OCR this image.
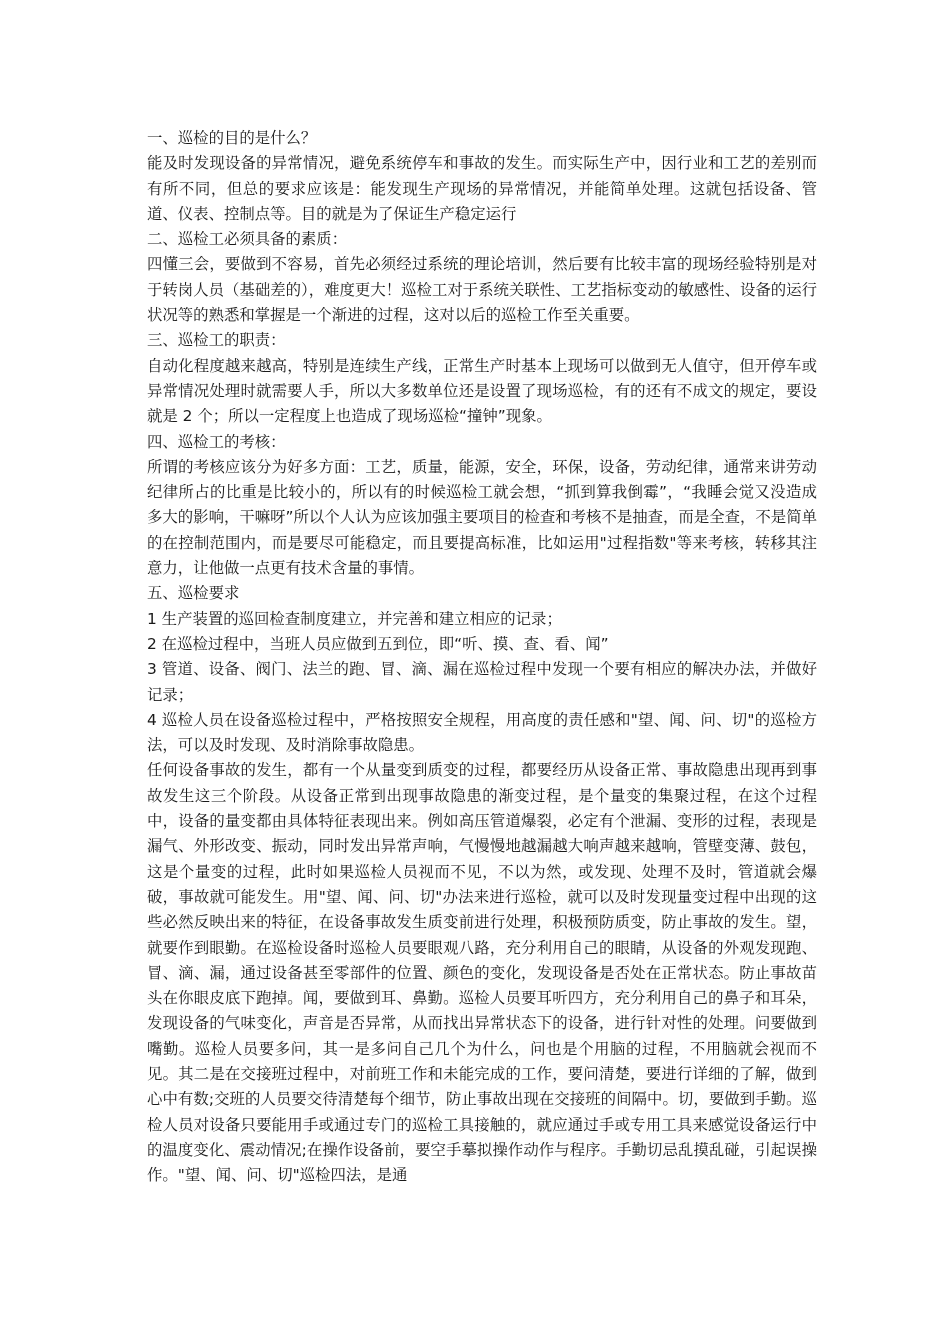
一、巡检的目的是什么？

能及时发现设备的异常情况，避免系统停车和事故的发生。而实际生产中，因行业和工艺的差别而有所不同，但总的要求应该是：能发现生产现场的异常情况，并能简单处理。这就包括设备、管道、仪表、控制点等。目的就是为了保证生产稳定运行

二、巡检工必须具备的素质：

四懂三会，要做到不容易，首先必须经过系统的理论培训，然后要有比较丰富的现场经验特别是对于转岗人员（基础差的），难度更大！巡检工对于系统关联性、工艺指标变动的敏感性、设备的运行状况等的熟悉和掌握是一个渐进的过程，这对以后的巡检工作至关重要。

三、巡检工的职责：

自动化程度越来越高，特别是连续生产线，正常生产时基本上现场可以做到无人值守，但开停车或异常情况处理时就需要人手，所以大多数单位还是设置了现场巡检，有的还有不成文的规定，要设就是 2 个；所以一定程度上也造成了现场巡检“撞钟”现象。

四、巡检工的考核：

所谓的考核应该分为好多方面：工艺，质量，能源，安全，环保，设备，劳动纪律，通常来讲劳动纪律所占的比重是比较小的，所以有的时候巡检工就会想，“抓到算我倒霉”，“我睡会觉又没造成多大的影响，干嘛呀”所以个人认为应该加强主要项目的检查和考核不是抽查，而是全查，不是简单的在控制范围内，而是要尽可能稳定，而且要提高标准，比如运用"过程指数"等来考核，转移其注意力，让他做一点更有技术含量的事情。

五、巡检要求

1 生产装置的巡回检查制度建立，并完善和建立相应的记录；

2 在巡检过程中，当班人员应做到五到位，即“听、摸、查、看、闻”

3 管道、设备、阀门、法兰的跑、冒、滴、漏在巡检过程中发现一个要有相应的解决办法，并做好记录；

4 巡检人员在设备巡检过程中，严格按照安全规程，用高度的责任感和"望、闻、问、切"的巡检方法，可以及时发现、及时消除事故隐患。

任何设备事故的发生，都有一个从量变到质变的过程，都要经历从设备正常、事故隐患出现再到事故发生这三个阶段。从设备正常到出现事故隐患的渐变过程，是个量变的集聚过程，在这个过程中，设备的量变都由具体特征表现出来。例如高压管道爆裂，必定有个泄漏、变形的过程，表现是漏气、外形改变、振动，同时发出异常声响，气慢慢地越漏越大响声越来越响，管壁变薄、鼓包，这是个量变的过程，此时如果巡检人员视而不见，不以为然，或发现、处理不及时，管道就会爆破，事故就可能发生。用"望、闻、问、切"办法来进行巡检，就可以及时发现量变过程中出现的这些必然反映出来的特征，在设备事故发生质变前进行处理，积极预防质变，防止事故的发生。望，就要作到眼勤。在巡检设备时巡检人员要眼观八路，充分利用自己的眼睛，从设备的外观发现跑、冒、滴、漏，通过设备甚至零部件的位置、颜色的变化，发现设备是否处在正常状态。防止事故苗头在你眼皮底下跑掉。闻，要做到耳、鼻勤。巡检人员要耳听四方，充分利用自己的鼻子和耳朵，发现设备的气味变化，声音是否异常，从而找出异常状态下的设备，进行针对性的处理。问要做到嘴勤。巡检人员要多问，其一是多问自己几个为什么，问也是个用脑的过程，不用脑就会视而不见。其二是在交接班过程中，对前班工作和未能完成的工作，要问清楚，要进行详细的了解，做到心中有数;交班的人员要交待清楚每个细节，防止事故出现在交接班的间隔中。切，要做到手勤。巡检人员对设备只要能用手或通过专门的巡检工具接触的，就应通过手或专用工具来感觉设备运行中的温度变化、震动情况;在操作设备前，要空手摹拟操作动作与程序。手勤切忌乱摸乱碰，引起误操作。"望、闻、问、切"巡检四法，是通
